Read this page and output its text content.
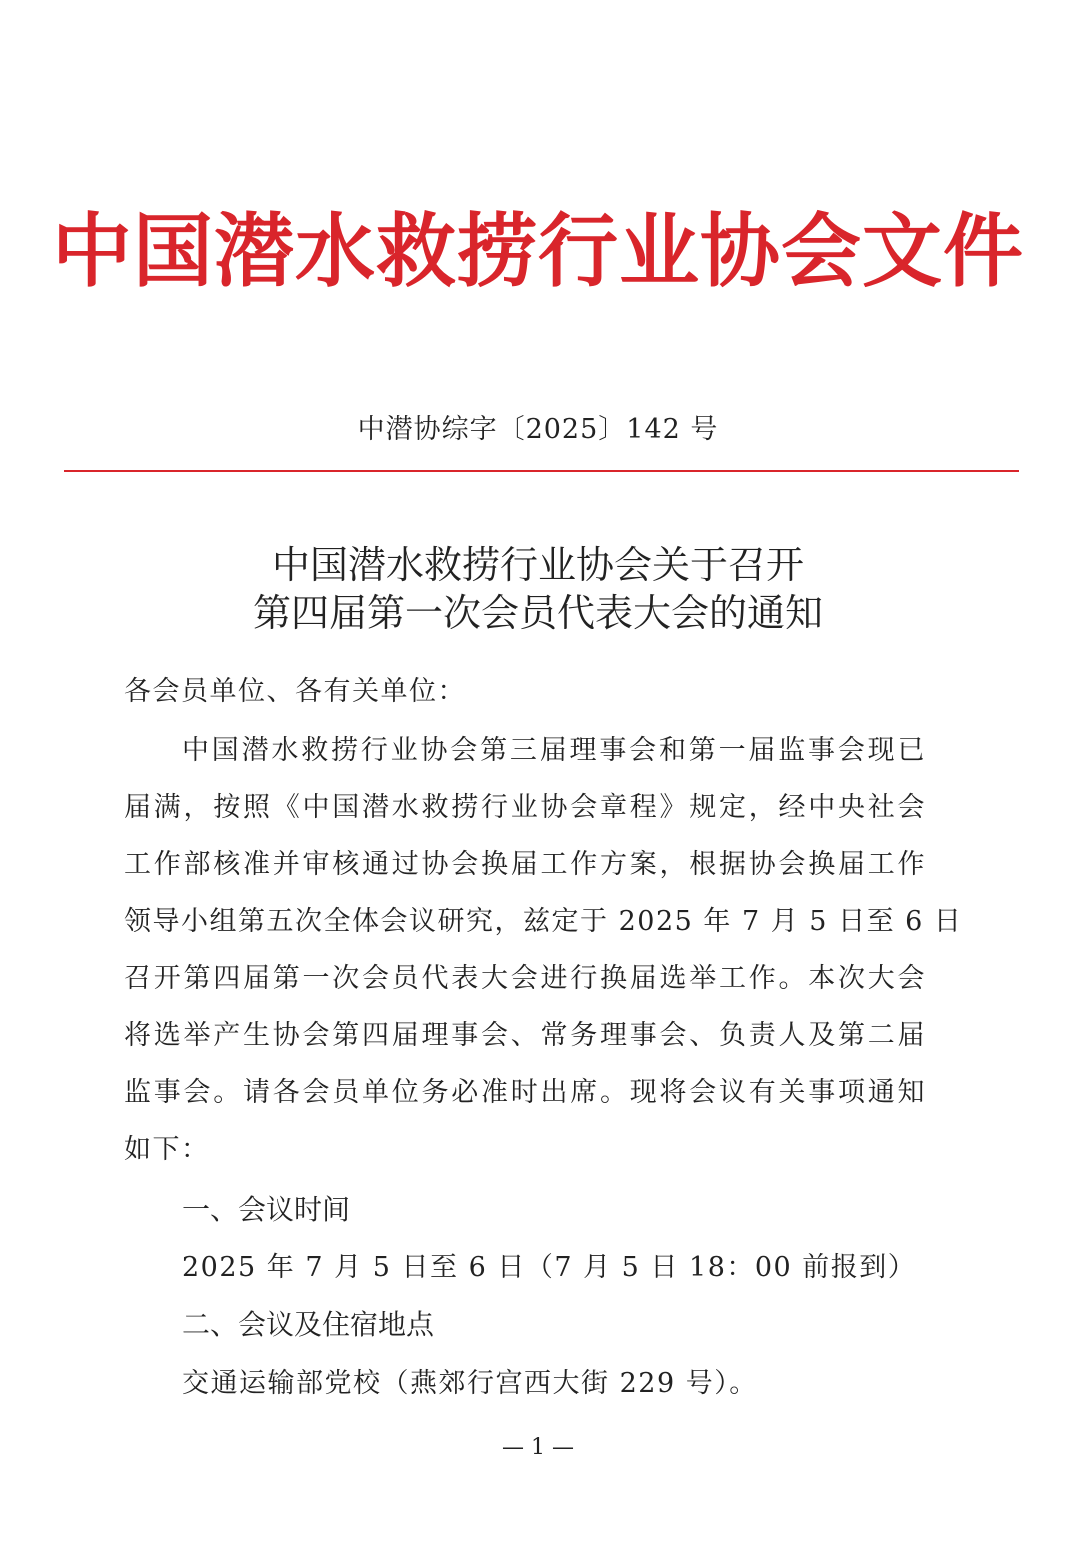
中国潜水救捞行业协会文件
中潜协综字〔2025〕142 号
中国潜水救捞行业协会关于召开
第四届第一次会员代表大会的通知
各会员单位、各有关单位：
中国潜水救捞行业协会第三届理事会和第一届监事会现已
届满，按照《中国潜水救捞行业协会章程》规定，经中央社会
工作部核准并审核通过协会换届工作方案，根据协会换届工作
领导小组第五次全体会议研究，兹定于 2025 年 7 月 5 日至 6 日
召开第四届第一次会员代表大会进行换届选举工作。本次大会
将选举产生协会第四届理事会、常务理事会、负责人及第二届
监事会。请各会员单位务必准时出席。现将会议有关事项通知
如下：
一、会议时间
2025 年 7 月 5 日至 6 日（7 月 5 日 18：00 前报到）
二、会议及住宿地点
交通运输部党校（燕郊行宫西大街 229 号）。
— 1 —
